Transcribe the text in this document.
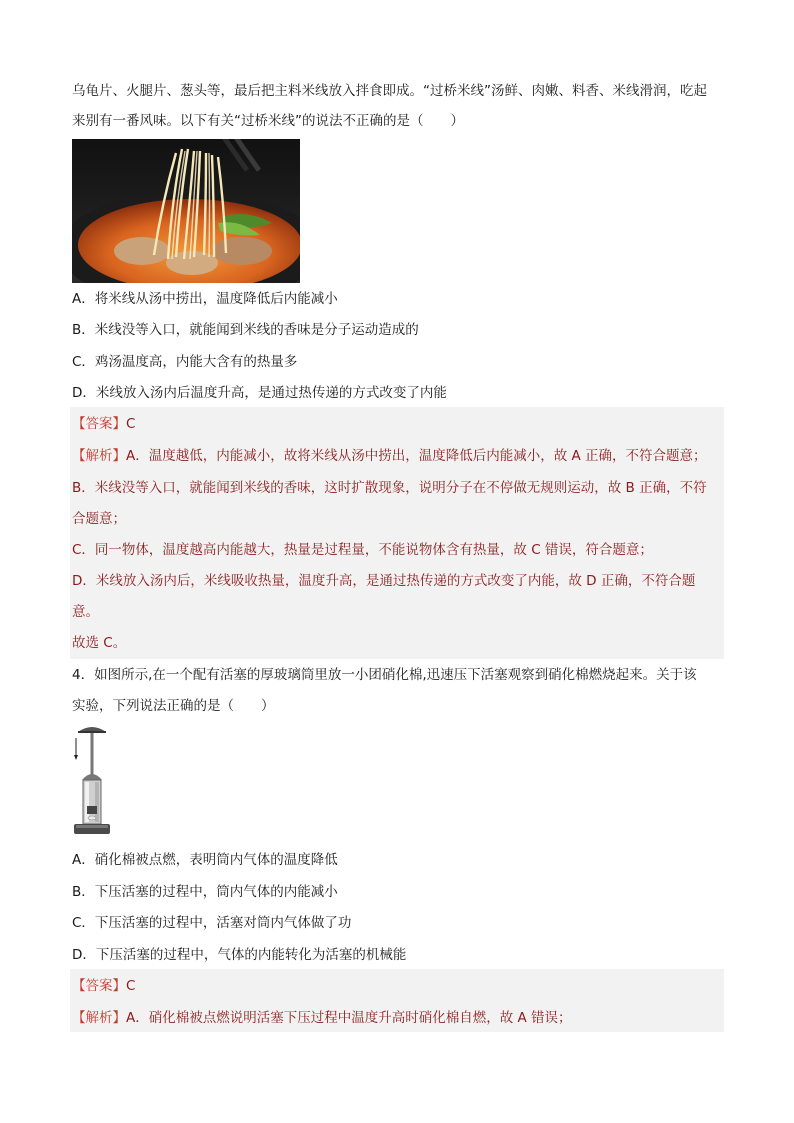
乌龟片、火腿片、葱头等，最后把主料米线放入拌食即成。“过桥米线”汤鲜、肉嫩、料香、米线滑润，吃起
来别有一番风味。以下有关“过桥米线”的说法不正确的是（　　）
A．将米线从汤中捞出，温度降低后内能减小
B．米线没等入口，就能闻到米线的香味是分子运动造成的
C．鸡汤温度高，内能大含有的热量多
D．米线放入汤内后温度升高，是通过热传递的方式改变了内能
【答案】C
【解析】A．温度越低，内能减小，故将米线从汤中捞出，温度降低后内能减小，故 A 正确，不符合题意；
B．米线没等入口，就能闻到米线的香味，这时扩散现象，说明分子在不停做无规则运动，故 B 正确，不符
合题意；
C．同一物体，温度越高内能越大，热量是过程量，不能说物体含有热量，故 C 错误，符合题意；
D．米线放入汤内后，米线吸收热量，温度升高，是通过热传递的方式改变了内能，故 D 正确，不符合题
意。
故选 C。
4．如图所示,在一个配有活塞的厚玻璃筒里放一小团硝化棉,迅速压下活塞观察到硝化棉燃烧起来。关于该
实验，下列说法正确的是（　　）
A．硝化棉被点燃，表明筒内气体的温度降低
B．下压活塞的过程中，筒内气体的内能减小
C．下压活塞的过程中，活塞对筒内气体做了功
D．下压活塞的过程中，气体的内能转化为活塞的机械能
【答案】C
【解析】A．硝化棉被点燃说明活塞下压过程中温度升高时硝化棉自燃，故 A 错误；
